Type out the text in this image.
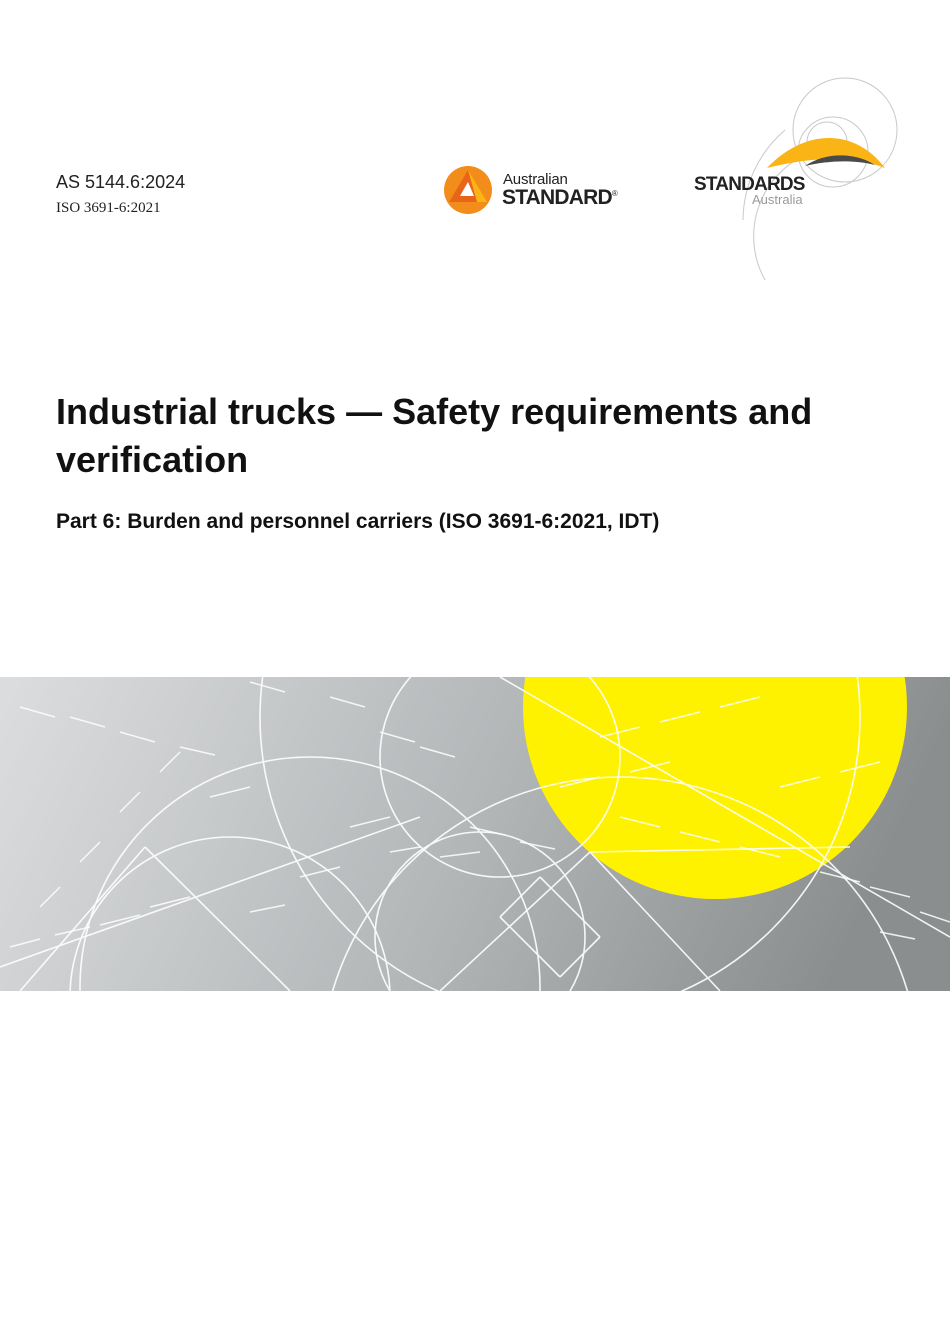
AS 5144.6:2024
ISO 3691-6:2021
Australian
STANDARD®	STANDARDS
Australia
Industrial trucks — Safety requirements and verification
Part 6: Burden and personnel carriers (ISO 3691-6:2021, IDT)
